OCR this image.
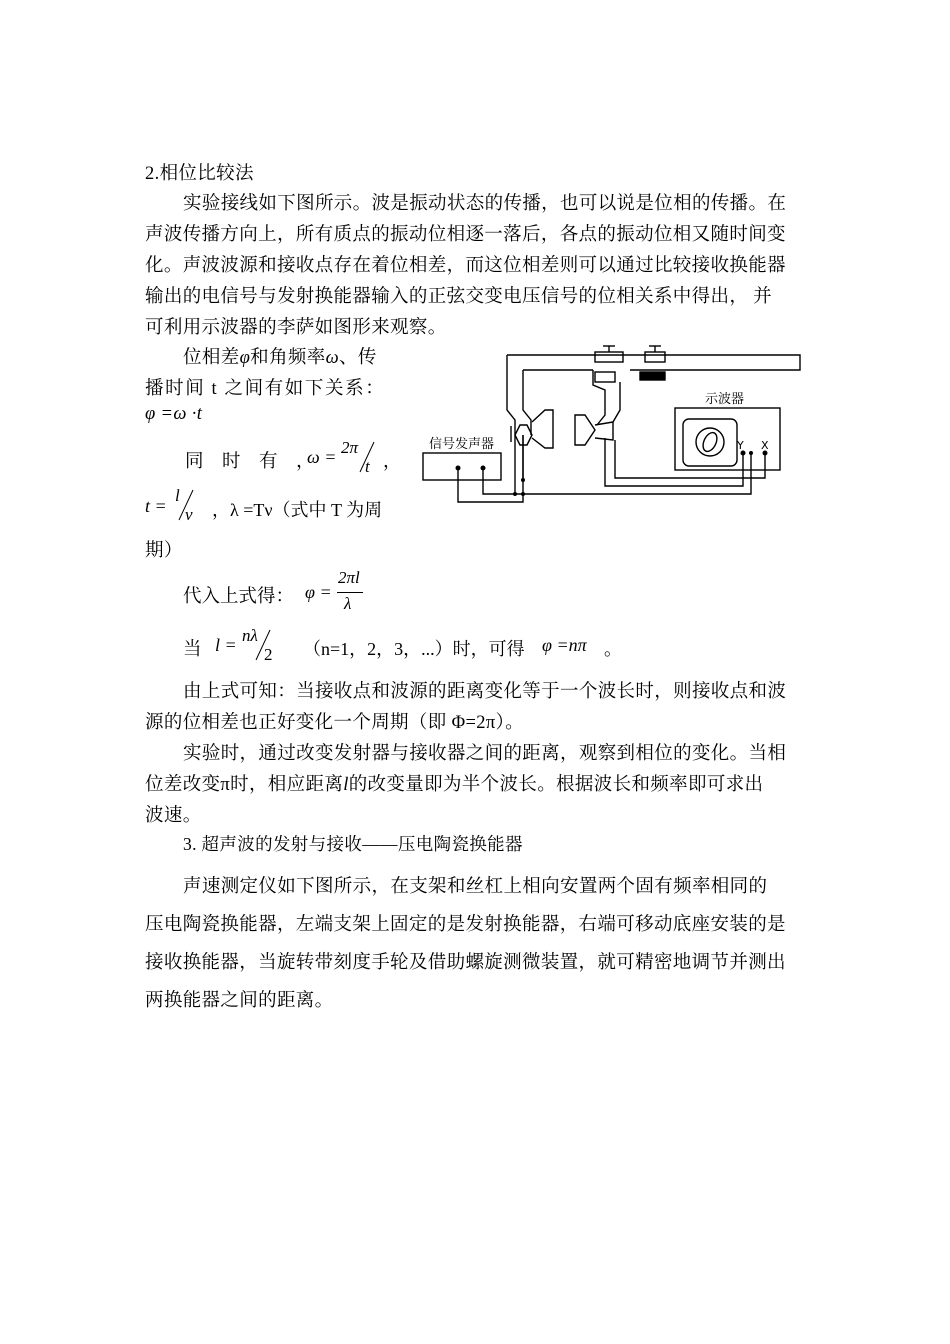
2.相位比较法
实验接线如下图所示。波是振动状态的传播，也可以说是位相的传播。在
声波传播方向上，所有质点的振动位相逐一落后，各点的振动位相又随时间变
化。声波波源和接收点存在着位相差，而这位相差则可以通过比较接收换能器
输出的电信号与发射换能器输入的正弦交变电压信号的位相关系中得出， 并
可利用示波器的李萨如图形来观察。
位相差φ和角频率ω、传
播时间 t 之间有如下关系：
φ =ω ·t
同　时　有　，
ω = 2π
t ，
t =
l
v ，λ =Tν（式中 T 为周
期）
代入上式得： φ =
2πl
λ
当 l = nλ
2 （n=1，2，3，...）时，可得 φ =nπ 。
由上式可知：当接收点和波源的距离变化等于一个波长时，则接收点和波
源的位相差也正好变化一个周期（即 Φ=2π）。
实验时，通过改变发射器与接收器之间的距离，观察到相位的变化。当相
位差改变π时，相应距离l的改变量即为半个波长。根据波长和频率即可求出
波速。
3. 超声波的发射与接收——压电陶瓷换能器
声速测定仪如下图所示，在支架和丝杠上相向安置两个固有频率相同的
压电陶瓷换能器，左端支架上固定的是发射换能器，右端可移动底座安装的是
接收换能器，当旋转带刻度手轮及借助螺旋测微装置，就可精密地调节并测出
两换能器之间的距离。
信号发声器
示波器
Y X
